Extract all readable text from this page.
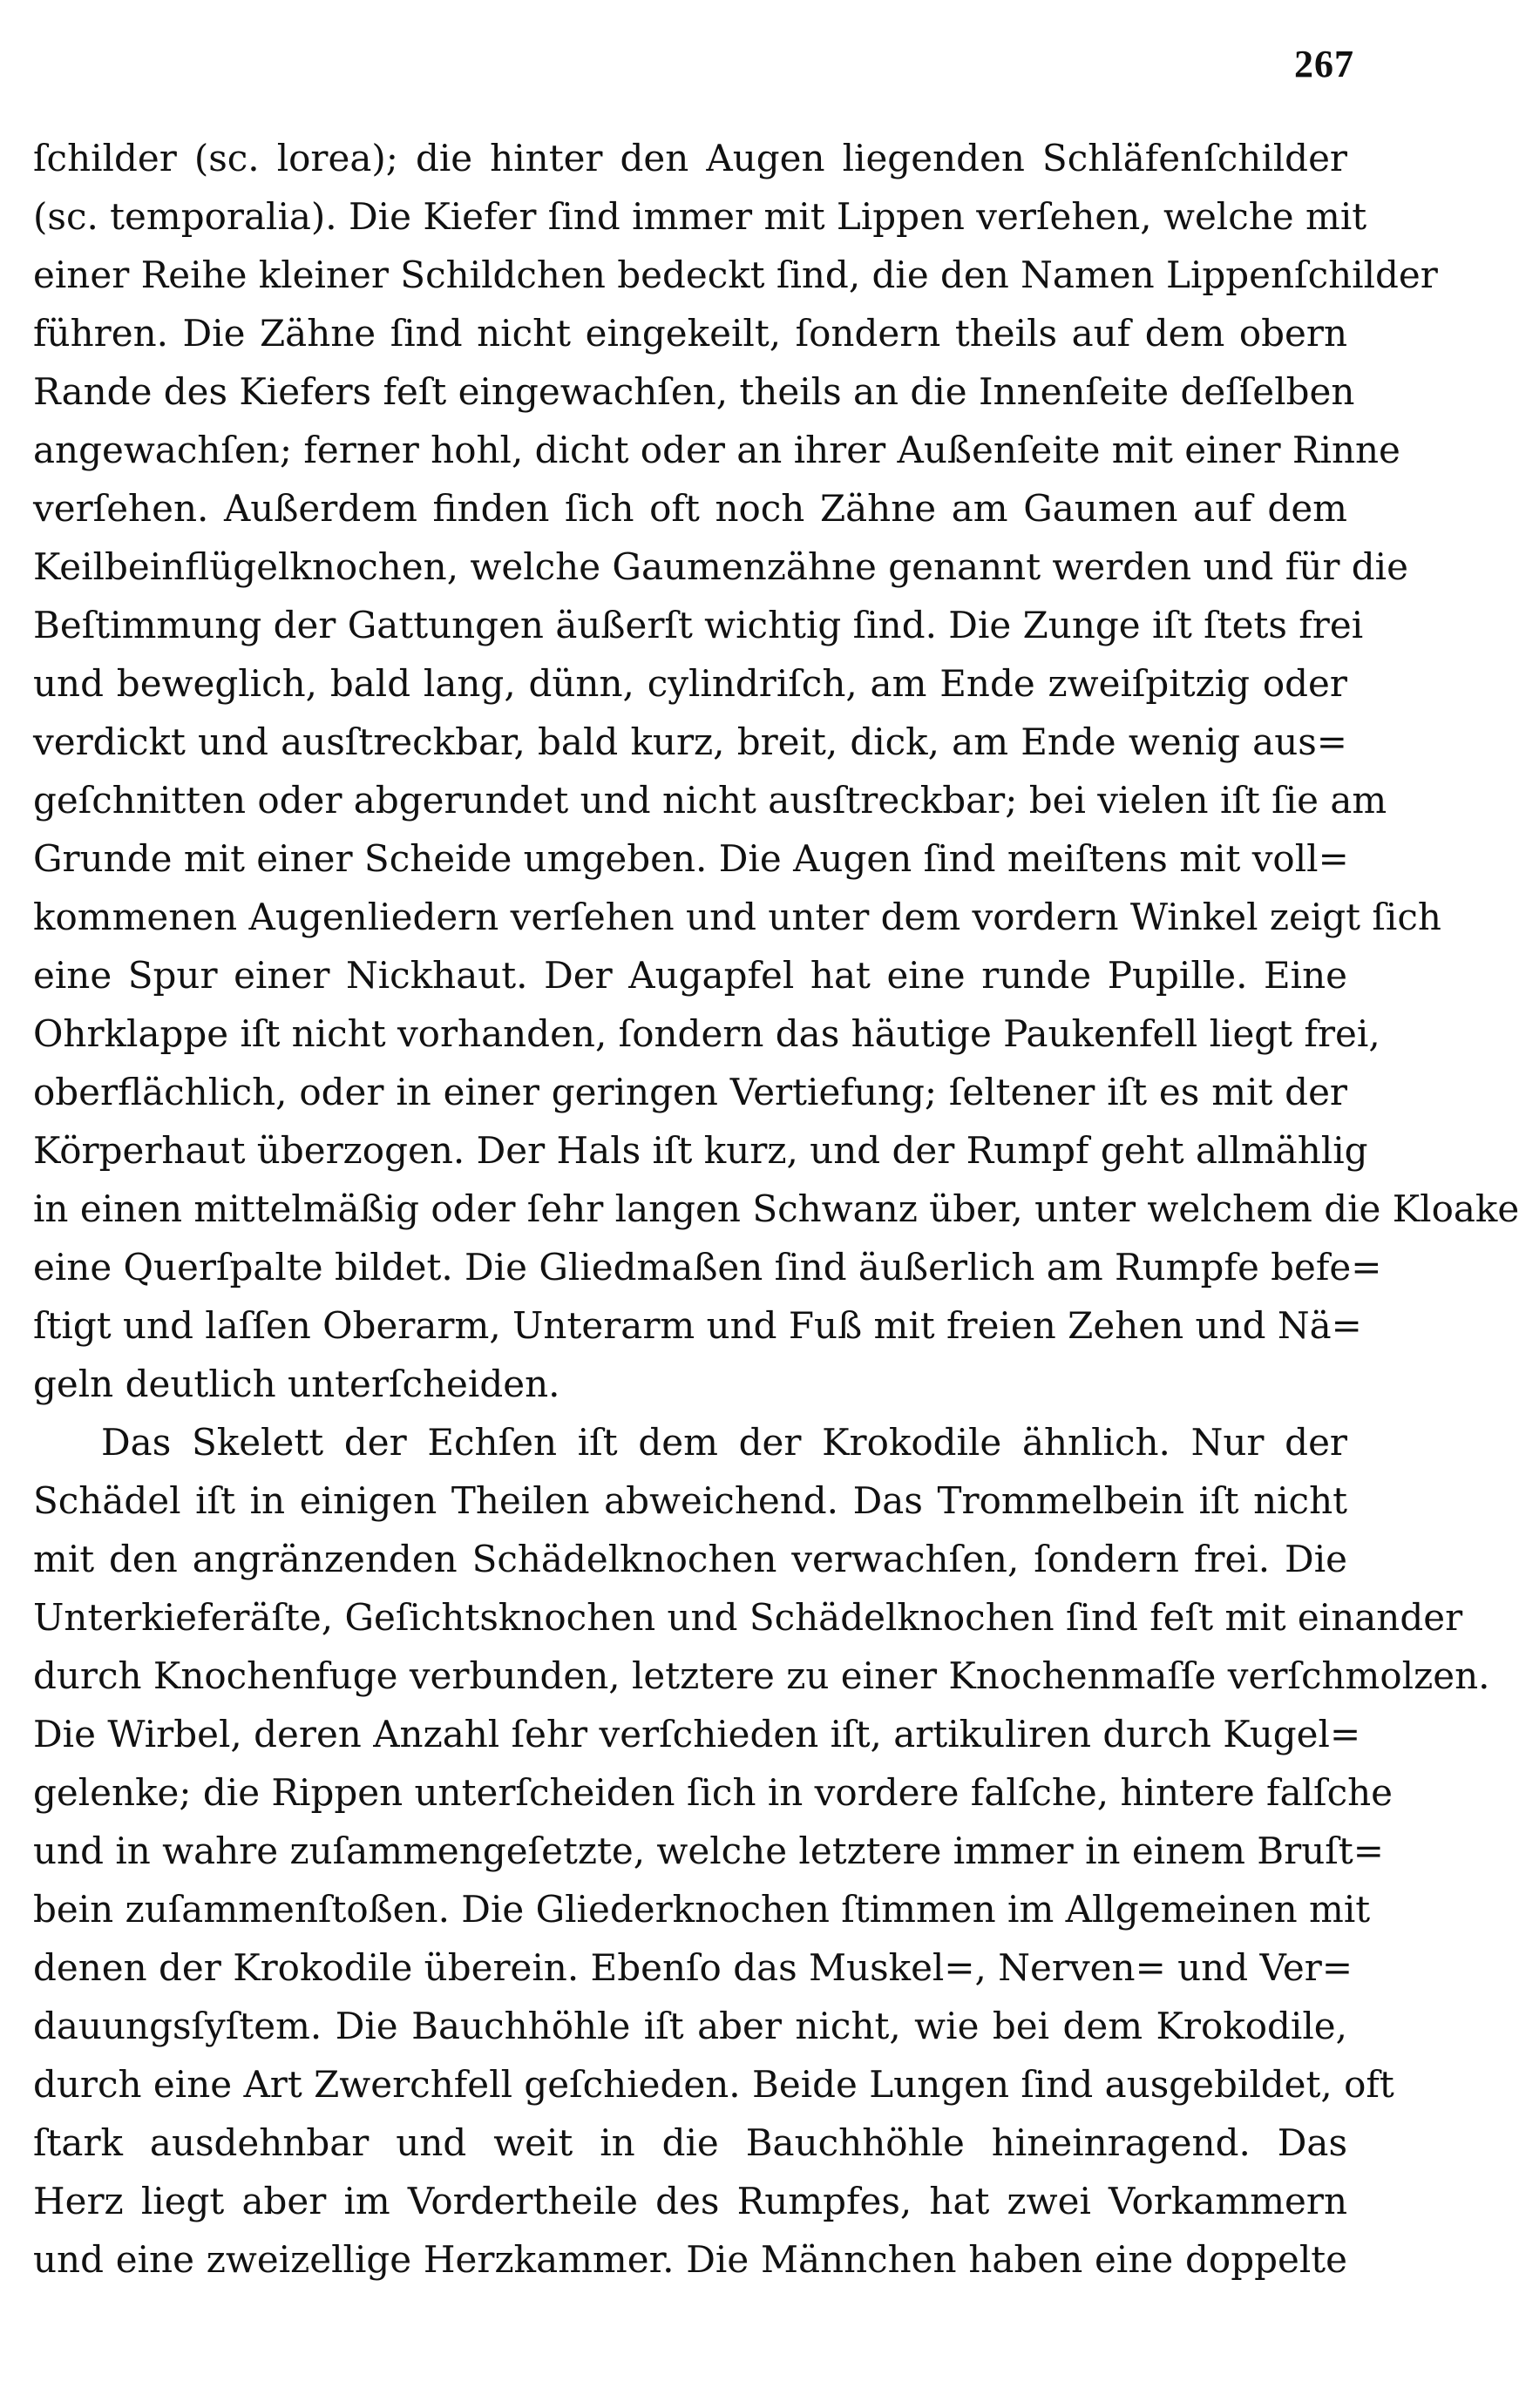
267
ſchilder (sc. lorea); die hinter den Augen liegenden Schläfenſchilder
(sc. temporalia). Die Kiefer ſind immer mit Lippen verſehen, welche mit
einer Reihe kleiner Schildchen bedeckt ſind, die den Namen Lippenſchilder
führen. Die Zähne ſind nicht eingekeilt, ſondern theils auf dem obern
Rande des Kiefers feſt eingewachſen, theils an die Innenſeite deſſelben
angewachſen; ferner hohl, dicht oder an ihrer Außenſeite mit einer Rinne
verſehen. Außerdem finden ſich oft noch Zähne am Gaumen auf dem
Keilbeinflügelknochen, welche Gaumenzähne genannt werden und für die
Beſtimmung der Gattungen äußerſt wichtig ſind. Die Zunge iſt ſtets frei
und beweglich, bald lang, dünn, cylindriſch, am Ende zweiſpitzig oder
verdickt und ausſtreckbar, bald kurz, breit, dick, am Ende wenig aus=
geſchnitten oder abgerundet und nicht ausſtreckbar; bei vielen iſt ſie am
Grunde mit einer Scheide umgeben. Die Augen ſind meiſtens mit voll=
kommenen Augenliedern verſehen und unter dem vordern Winkel zeigt ſich
eine Spur einer Nickhaut. Der Augapfel hat eine runde Pupille. Eine
Ohrklappe iſt nicht vorhanden, ſondern das häutige Paukenfell liegt frei,
oberflächlich, oder in einer geringen Vertiefung; ſeltener iſt es mit der
Körperhaut überzogen. Der Hals iſt kurz, und der Rumpf geht allmählig
in einen mittelmäßig oder ſehr langen Schwanz über, unter welchem die Kloake
eine Querſpalte bildet. Die Gliedmaßen ſind äußerlich am Rumpfe befe=
ſtigt und laſſen Oberarm, Unterarm und Fuß mit freien Zehen und Nä=
geln deutlich unterſcheiden.
Das Skelett der Echſen iſt dem der Krokodile ähnlich. Nur der
Schädel iſt in einigen Theilen abweichend. Das Trommelbein iſt nicht
mit den angränzenden Schädelknochen verwachſen, ſondern frei. Die
Unterkieferäſte, Geſichtsknochen und Schädelknochen ſind feſt mit einander
durch Knochenfuge verbunden, letztere zu einer Knochenmaſſe verſchmolzen.
Die Wirbel, deren Anzahl ſehr verſchieden iſt, artikuliren durch Kugel=
gelenke; die Rippen unterſcheiden ſich in vordere falſche, hintere falſche
und in wahre zuſammengeſetzte, welche letztere immer in einem Bruſt=
bein zuſammenſtoßen. Die Gliederknochen ſtimmen im Allgemeinen mit
denen der Krokodile überein. Ebenſo das Muskel=, Nerven= und Ver=
dauungsſyſtem. Die Bauchhöhle iſt aber nicht, wie bei dem Krokodile,
durch eine Art Zwerchfell geſchieden. Beide Lungen ſind ausgebildet, oft
ſtark ausdehnbar und weit in die Bauchhöhle hineinragend. Das
Herz liegt aber im Vordertheile des Rumpfes, hat zwei Vorkammern
und eine zweizellige Herzkammer. Die Männchen haben eine doppelte
